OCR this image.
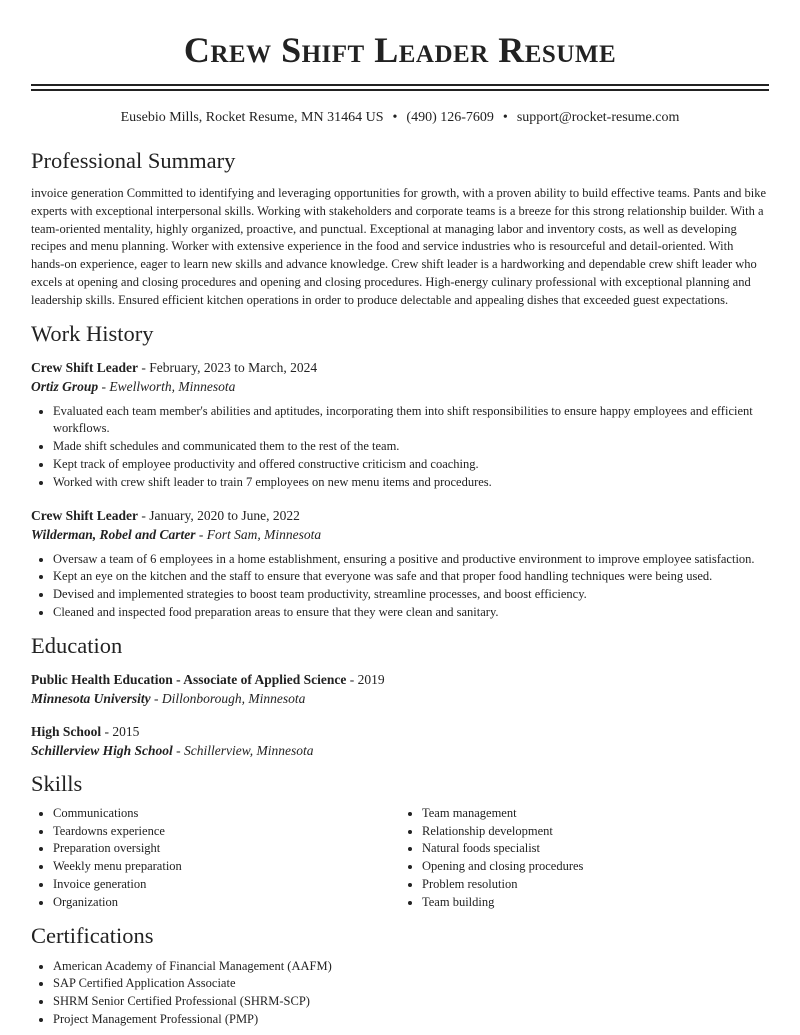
Crew Shift Leader Resume
Eusebio Mills, Rocket Resume, MN 31464 US • (490) 126-7609 • support@rocket-resume.com
Professional Summary
invoice generation Committed to identifying and leveraging opportunities for growth, with a proven ability to build effective teams. Pants and bike experts with exceptional interpersonal skills. Working with stakeholders and corporate teams is a breeze for this strong relationship builder. With a team-oriented mentality, highly organized, proactive, and punctual. Exceptional at managing labor and inventory costs, as well as developing recipes and menu planning. Worker with extensive experience in the food and service industries who is resourceful and detail-oriented. With hands-on experience, eager to learn new skills and advance knowledge. Crew shift leader is a hardworking and dependable crew shift leader who excels at opening and closing procedures and opening and closing procedures. High-energy culinary professional with exceptional planning and leadership skills. Ensured efficient kitchen operations in order to produce delectable and appealing dishes that exceeded guest expectations.
Work History
Crew Shift Leader - February, 2023 to March, 2024
Ortiz Group - Ewellworth, Minnesota
• Evaluated each team member's abilities and aptitudes, incorporating them into shift responsibilities to ensure happy employees and efficient workflows.
• Made shift schedules and communicated them to the rest of the team.
• Kept track of employee productivity and offered constructive criticism and coaching.
• Worked with crew shift leader to train 7 employees on new menu items and procedures.
Crew Shift Leader - January, 2020 to June, 2022
Wilderman, Robel and Carter - Fort Sam, Minnesota
• Oversaw a team of 6 employees in a home establishment, ensuring a positive and productive environment to improve employee satisfaction.
• Kept an eye on the kitchen and the staff to ensure that everyone was safe and that proper food handling techniques were being used.
• Devised and implemented strategies to boost team productivity, streamline processes, and boost efficiency.
• Cleaned and inspected food preparation areas to ensure that they were clean and sanitary.
Education
Public Health Education - Associate of Applied Science - 2019
Minnesota University - Dillonborough, Minnesota
High School - 2015
Schillerview High School - Schillerview, Minnesota
Skills
• Communications
• Teardowns experience
• Preparation oversight
• Weekly menu preparation
• Invoice generation
• Organization
• Team management
• Relationship development
• Natural foods specialist
• Opening and closing procedures
• Problem resolution
• Team building
Certifications
• American Academy of Financial Management (AAFM)
• SAP Certified Application Associate
• SHRM Senior Certified Professional (SHRM-SCP)
• Project Management Professional (PMP)
